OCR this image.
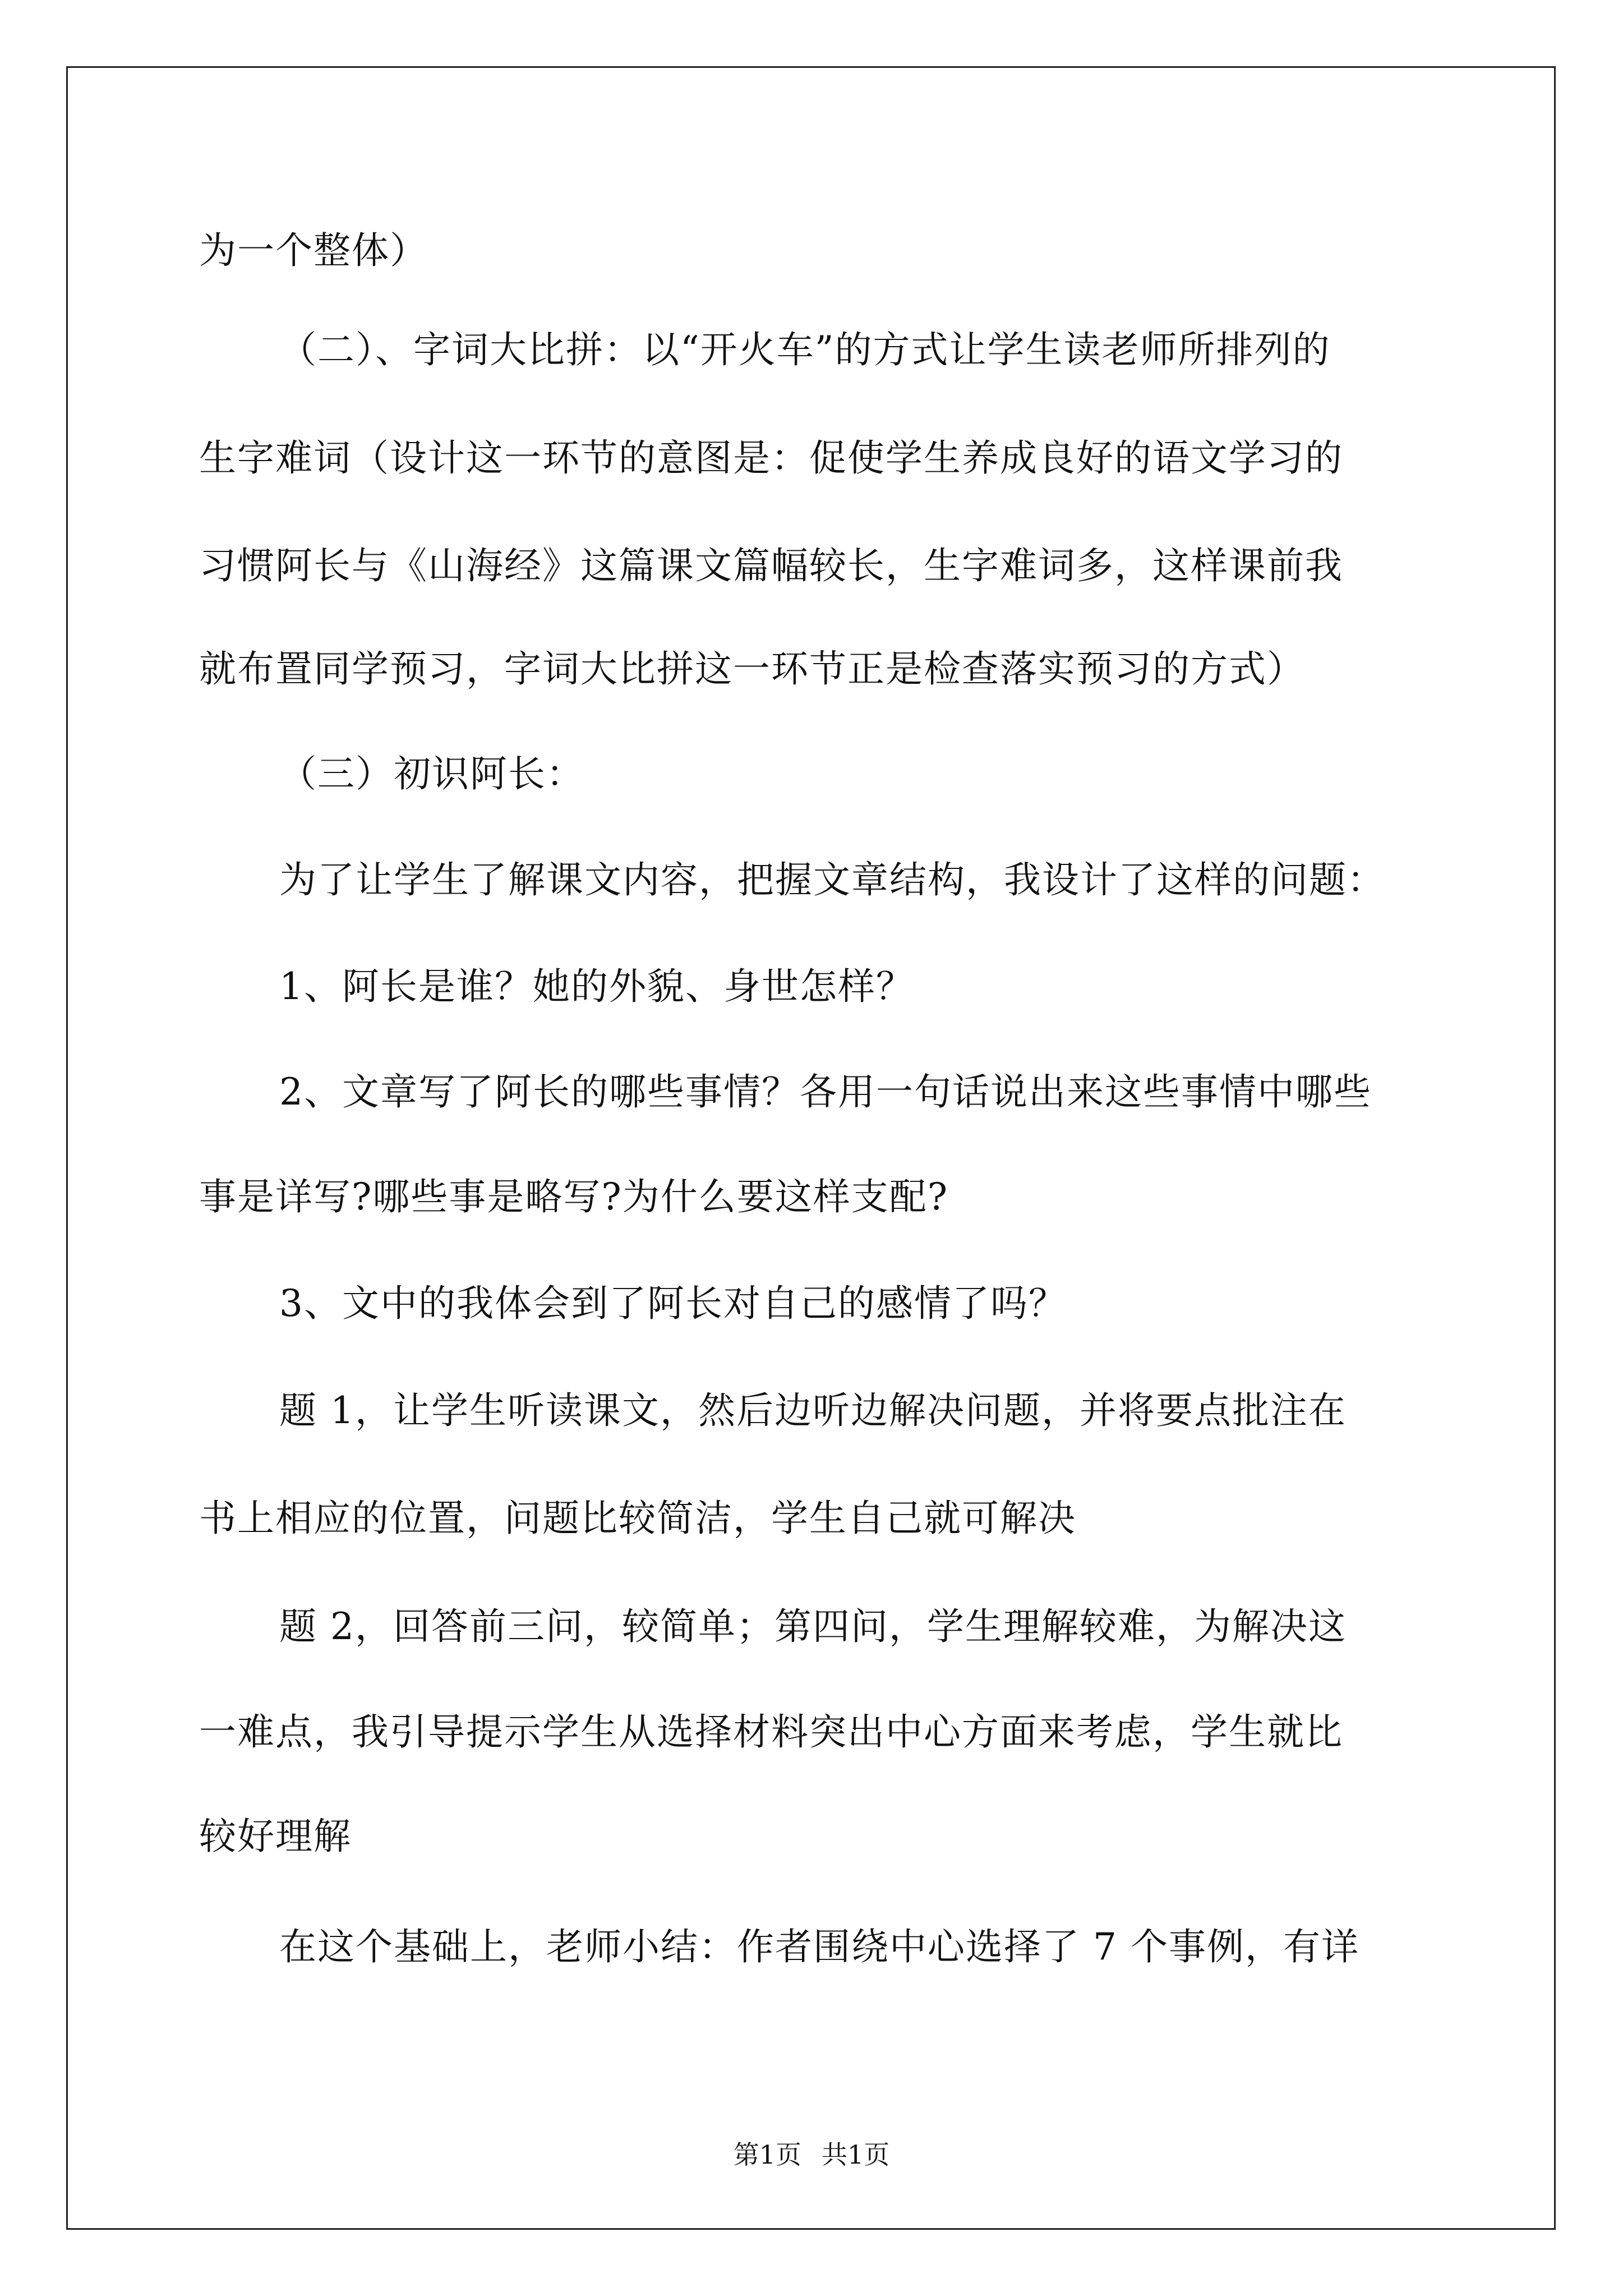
为一个整体）
（二）、字词大比拼：以“开火车”的方式让学生读老师所排列的
生字难词（设计这一环节的意图是：促使学生养成良好的语文学习的
习惯阿长与《山海经》这篇课文篇幅较长，生字难词多，这样课前我
就布置同学预习，字词大比拼这一环节正是检查落实预习的方式）
（三）初识阿长：
为了让学生了解课文内容，把握文章结构，我设计了这样的问题：
1、阿长是谁？她的外貌、身世怎样？
2、文章写了阿长的哪些事情？各用一句话说出来这些事情中哪些
事是详写?哪些事是略写?为什么要这样支配?
3、文中的我体会到了阿长对自己的感情了吗？
题 1，让学生听读课文，然后边听边解决问题，并将要点批注在
书上相应的位置，问题比较简洁，学生自己就可解决
题 2，回答前三问，较简单；第四问，学生理解较难，为解决这
一难点，我引导提示学生从选择材料突出中心方面来考虑，学生就比
较好理解
在这个基础上，老师小结：作者围绕中心选择了 7 个事例，有详
第1页 共1页
